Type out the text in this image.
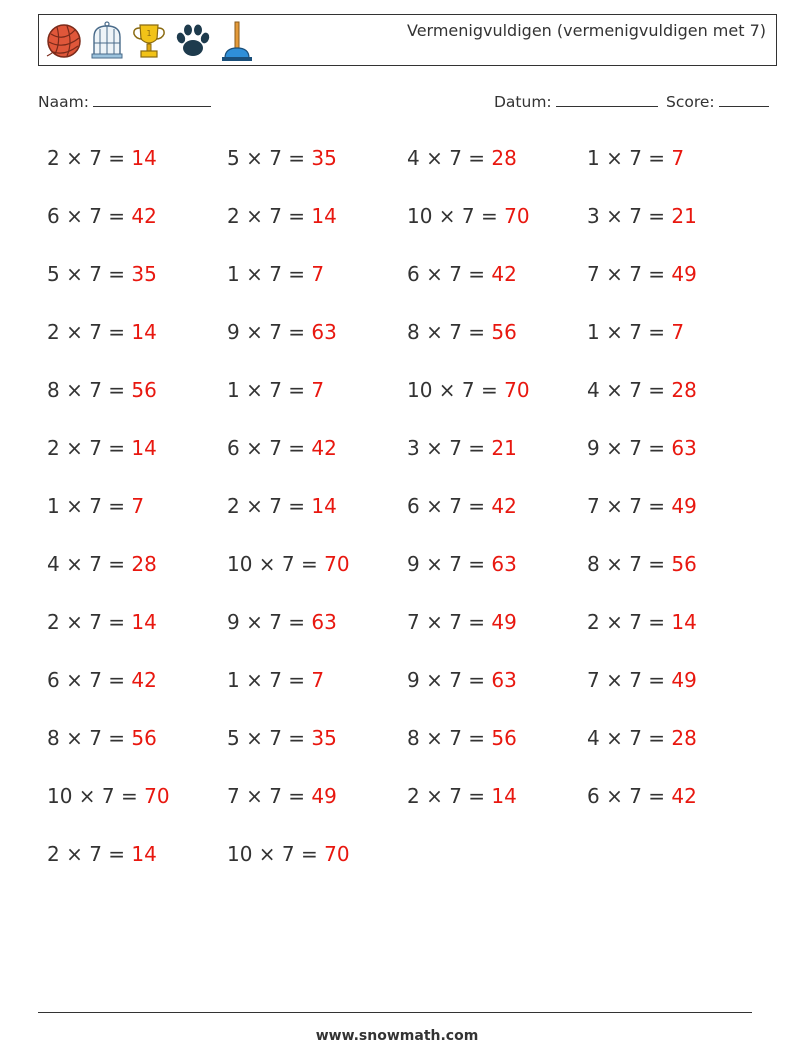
1	Vermenigvuldigen (vermenigvuldigen met 7)
Naam:	Datum:	Score:
2 × 7 = 14	5 × 7 = 35	4 × 7 = 28	1 × 7 = 7
6 × 7 = 42	2 × 7 = 14	10 × 7 = 70	3 × 7 = 21
5 × 7 = 35	1 × 7 = 7	6 × 7 = 42	7 × 7 = 49
2 × 7 = 14	9 × 7 = 63	8 × 7 = 56	1 × 7 = 7
8 × 7 = 56	1 × 7 = 7	10 × 7 = 70	4 × 7 = 28
2 × 7 = 14	6 × 7 = 42	3 × 7 = 21	9 × 7 = 63
1 × 7 = 7	2 × 7 = 14	6 × 7 = 42	7 × 7 = 49
4 × 7 = 28	10 × 7 = 70	9 × 7 = 63	8 × 7 = 56
2 × 7 = 14	9 × 7 = 63	7 × 7 = 49	2 × 7 = 14
6 × 7 = 42	1 × 7 = 7	9 × 7 = 63	7 × 7 = 49
8 × 7 = 56	5 × 7 = 35	8 × 7 = 56	4 × 7 = 28
10 × 7 = 70	7 × 7 = 49	2 × 7 = 14	6 × 7 = 42
2 × 7 = 14	10 × 7 = 70
www.snowmath.com
